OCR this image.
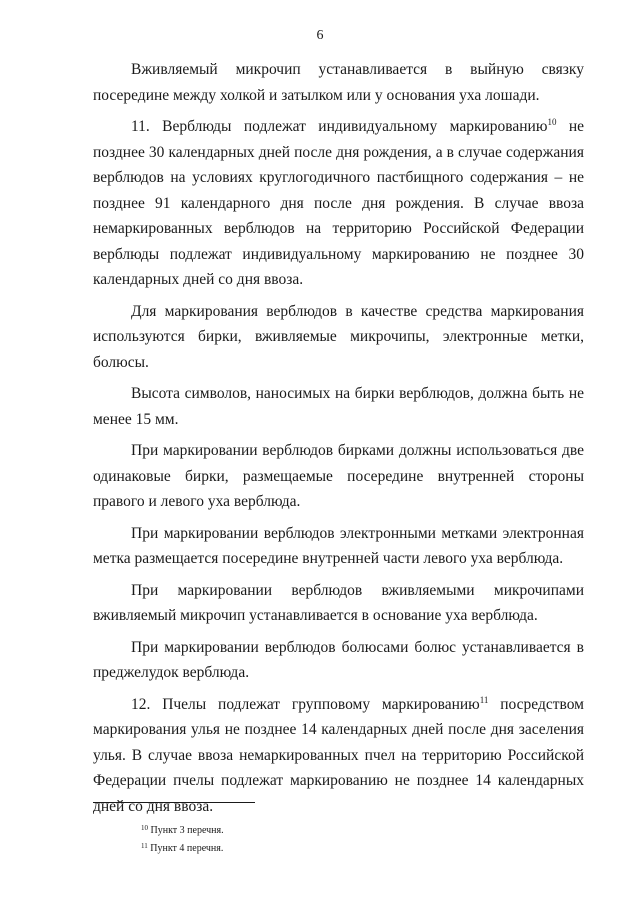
6

Вживляемый микрочип устанавливается в выйную связку

посередине между холкой и затылком или у основания уха лошади.

11. Верблюды подлежат индивидуальному маркированию$^{10}$ не позднее 30 календарных дней после дня рождения, а в случае содержания верблюдов на условиях круглогодичного пастбищного содержания – не позднее 91 календарного дня после дня рождения. В случае ввоза немаркированных верблюдов на территорию Российской Федерации верблюды подлежат индивидуальному маркированию не позднее 30 календарных дней со дня ввоза.

Для маркирования верблюдов в качестве средства маркирования используются бирки, вживляемые микрочипы, электронные метки, болюсы.

Высота символов, наносимых на бирки верблюдов, должна быть не менее 15 мм.

При маркировании верблюдов бирками должны использоваться две одинаковые бирки, размещаемые посередине внутренней стороны правого и левого уха верблюда.

При маркировании верблюдов электронными метками электронная метка размещается посередине внутренней части левого уха верблюда.

При маркировании верблюдов вживляемыми микрочипами вживляемый микрочип устанавливается в основание уха верблюда.

При маркировании верблюдов болюсами болюс устанавливается в преджелудок верблюда.

12. Пчелы подлежат групповому маркированию$^{11}$ посредством маркирования улья не позднее 14 календарных дней после дня заселения улья. В случае ввоза немаркированных пчел на территорию Российской Федерации пчелы подлежат маркированию не позднее 14 календарных дней со дня ввоза.

$^{10}$ Пункт 3 перечня.
$^{11}$ Пункт 4 перечня.
